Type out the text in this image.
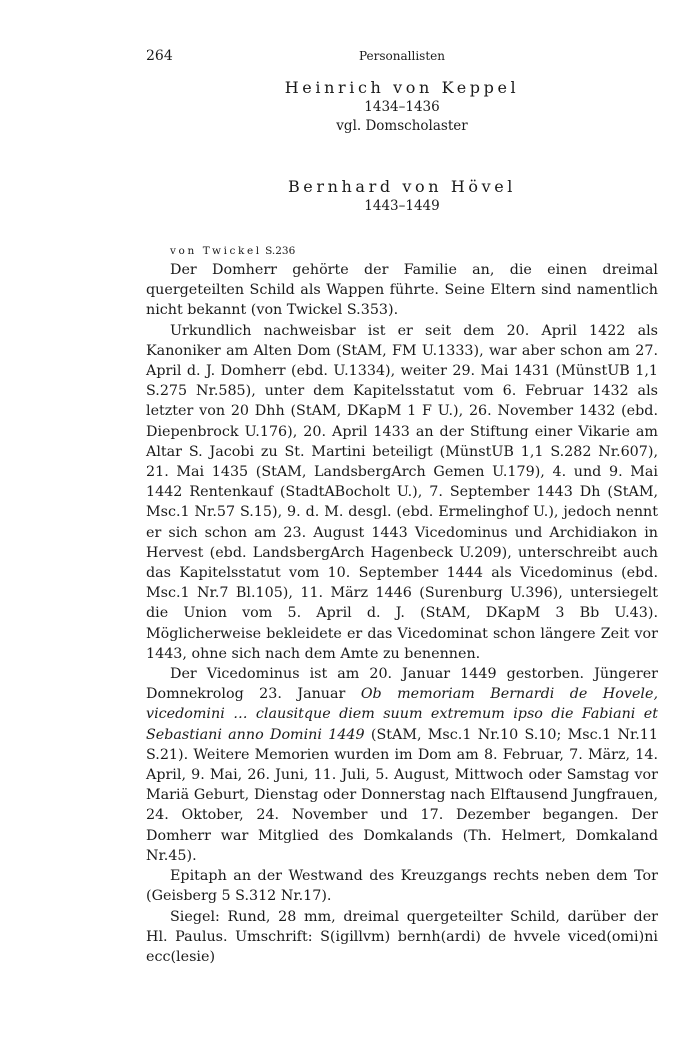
264	Personallisten
Heinrich von Keppel
1434–1436
vgl. Domscholaster
Bernhard von Hövel
1443–1449
von Twickel S.236

Der Domherr gehörte der Familie an, die einen dreimal quergeteilten Schild als Wappen führte. Seine Eltern sind namentlich nicht bekannt (von Twickel S.353).

Urkundlich nachweisbar ist er seit dem 20. April 1422 als Kanoniker am Alten Dom (StAM, FM U.1333), war aber schon am 27. April d. J. Domherr (ebd. U.1334), weiter 29. Mai 1431 (MünstUB 1,1 S.275 Nr.585), unter dem Kapitelsstatut vom 6. Februar 1432 als letzter von 20 Dhh (StAM, DKapM 1 F U.), 26. November 1432 (ebd. Diepenbrock U.176), 20. April 1433 an der Stiftung einer Vikarie am Altar S. Jacobi zu St. Martini beteiligt (MünstUB 1,1 S.282 Nr.607), 21. Mai 1435 (StAM, LandsbergArch Gemen U.179), 4. und 9. Mai 1442 Rentenkauf (StadtABocholt U.), 7. September 1443 Dh (StAM, Msc.1 Nr.57 S.15), 9. d. M. desgl. (ebd. Ermelinghof U.), jedoch nennt er sich schon am 23. August 1443 Vicedominus und Archidiakon in Hervest (ebd. LandsbergArch Hagenbeck U.209), unterschreibt auch das Kapitelsstatut vom 10. September 1444 als Vicedominus (ebd. Msc.1 Nr.7 Bl.105), 11. März 1446 (Surenburg U.396), untersiegelt die Union vom 5. April d. J. (StAM, DKapM 3 Bb U.43). Möglicherweise bekleidete er das Vicedominat schon längere Zeit vor 1443, ohne sich nach dem Amte zu benennen.

Der Vicedominus ist am 20. Januar 1449 gestorben. Jüngerer Domnekrolog 23. Januar Ob memoriam Bernardi de Hovele, vicedomini … clausitque diem suum extremum ipso die Fabiani et Sebastiani anno Domini 1449 (StAM, Msc.1 Nr.10 S.10; Msc.1 Nr.11 S.21). Weitere Memorien wurden im Dom am 8. Februar, 7. März, 14. April, 9. Mai, 26. Juni, 11. Juli, 5. August, Mittwoch oder Samstag vor Mariä Geburt, Dienstag oder Donnerstag nach Elftausend Jungfrauen, 24. Oktober, 24. November und 17. Dezember begangen. Der Domherr war Mitglied des Domkalands (Th. Helmert, Domkaland Nr.45).

Epitaph an der Westwand des Kreuzgangs rechts neben dem Tor (Geisberg 5 S.312 Nr.17).

Siegel: Rund, 28 mm, dreimal quergeteilter Schild, darüber der Hl. Paulus. Umschrift: S(igillvm) bernh(ardi) de hvvele viced(omi)ni ecc(lesie)
